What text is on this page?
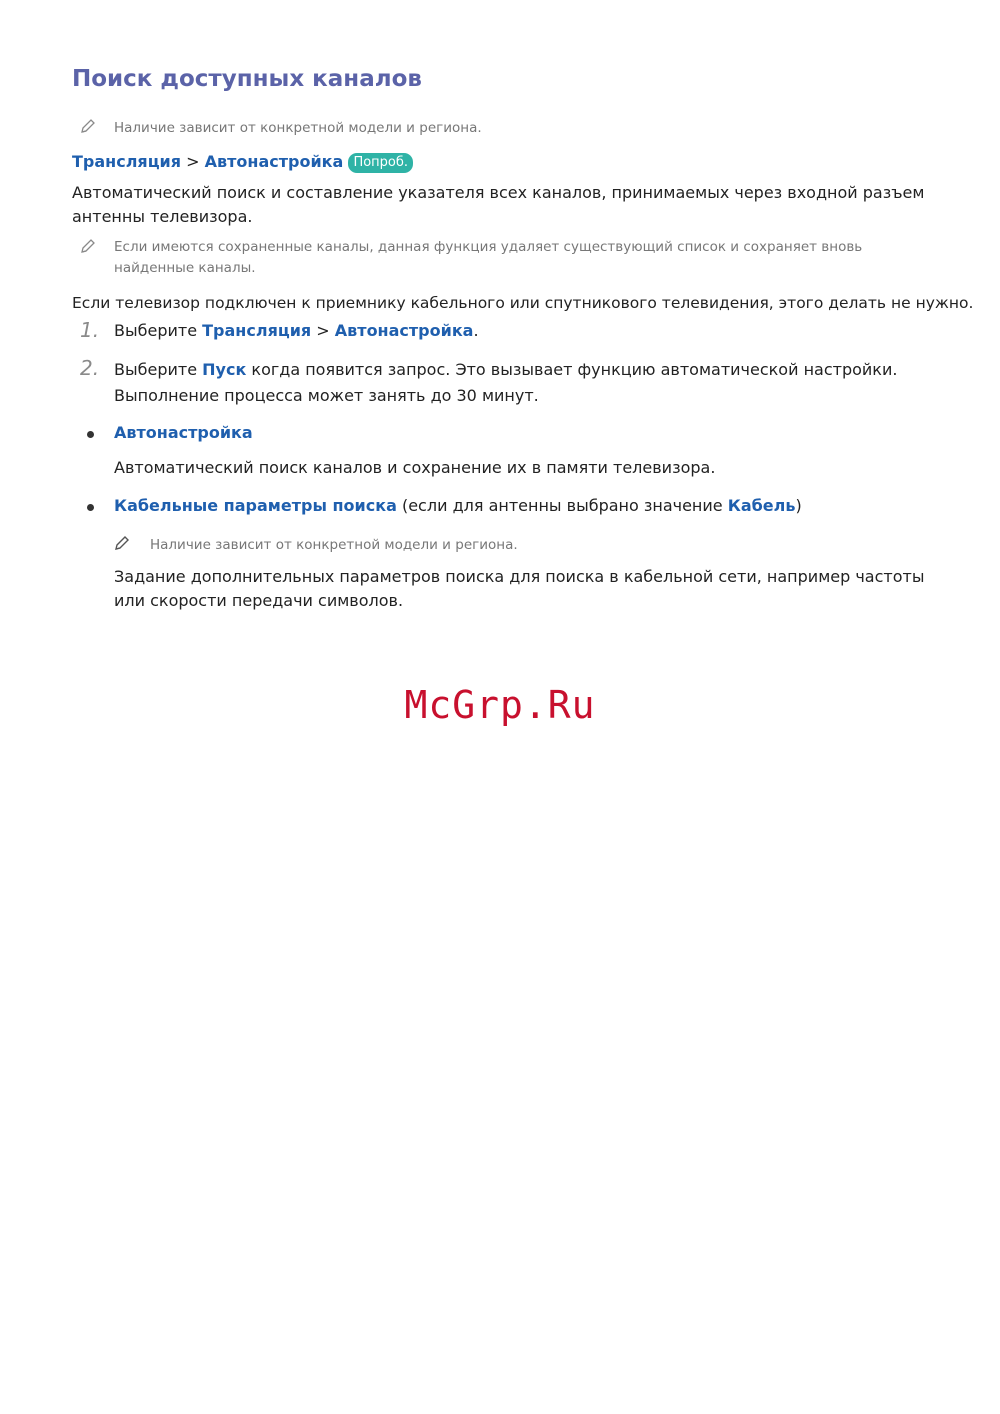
Поиск доступных каналов
Наличие зависит от конкретной модели и региона.
Трансляция > Автонастройка Попроб.
Автоматический поиск и составление указателя всех каналов, принимаемых через входной разъем антенны телевизора.
Если имеются сохраненные каналы, данная функция удаляет существующий список и сохраняет вновь найденные каналы.
Если телевизор подключен к приемнику кабельного или спутникового телевидения, этого делать не нужно.
1. Выберите Трансляция > Автонастройка.
2. Выберите Пуск когда появится запрос. Это вызывает функцию автоматической настройки. Выполнение процесса может занять до 30 минут.
Автонастройка
Автоматический поиск каналов и сохранение их в памяти телевизора.
Кабельные параметры поиска (если для антенны выбрано значение Кабель)
Наличие зависит от конкретной модели и региона.
Задание дополнительных параметров поиска для поиска в кабельной сети, например частоты или скорости передачи символов.
McGrp.Ru
